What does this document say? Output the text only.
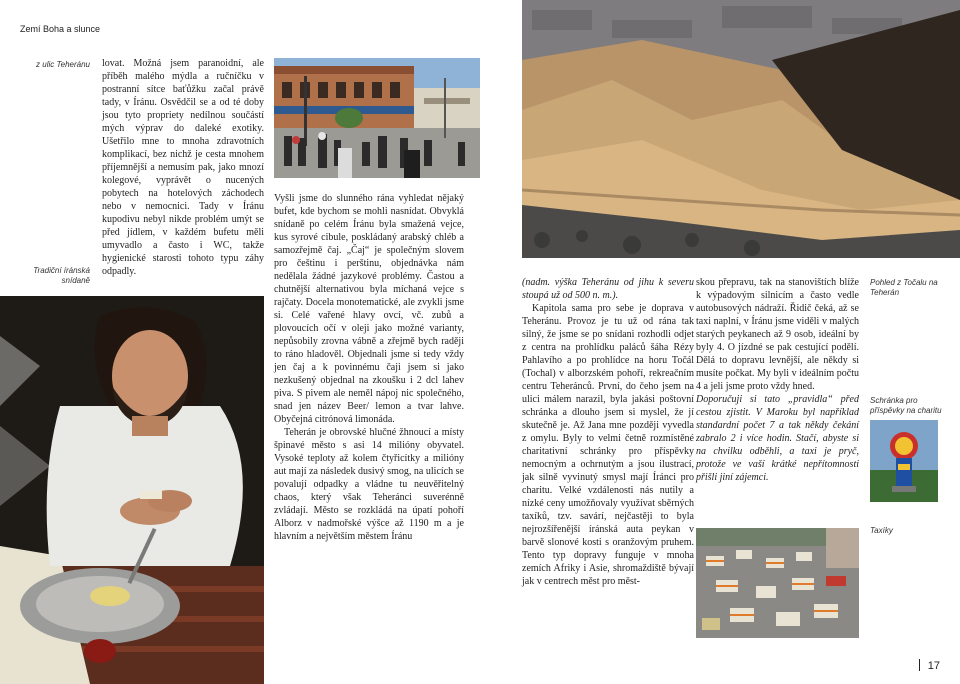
Zemí Boha a slunce
z ulic Teheránu lovat. Možná jsem paranoidní, ale příběh malého mýdla a ručníčku v postranní sítce baťůžku začal právě tady, v Íránu. Osvědčil se a od té doby jsou tyto propriety nedílnou součástí mých výprav do daleké exotiky. Ušetřilo mne to mnoha zdravotních komplikací, bez nichž je cesta mnohem příjemnější a nemusím pak, jako mnozí kolegové, vyprávět o nucených pobytech na hotelových záchodech nebo v nemocnici. Tady v Íránu kupodivu nebyl nikde problém umýt se před jídlem, v každém bufetu měli umyvadlo a často i WC, takže hygienické starosti tohoto typu záhy odpadly.

Tradiční íránská snídaně

Vyšli jsme do slunného rána vyhledat nějaký bufet, kde bychom se mohli nasnídat. Obvyklá snídaně po celém Íránu byla smažená vejce, kus syrové cibule, poskládaný arabský chléb a samozřejmě čaj. „Čaj“ je společným slovem pro češtinu i perštinu, objednávka nám nedělala žádné jazykové problémy. Častou a chutnější alternativou byla míchaná vejce s rajčaty. Docela monotematické, ale zvykli jsme si. Celé vařené hlavy ovcí, vč. zubů a plovoucích očí v oleji jako možné varianty, nepůsobily zrovna vábně a zřejmě bych raději to ráno hladověl. Objednali jsme si tedy vždy jen čaj a k povinnému čaji jsem si jako nezkušený objednal na zkoušku i 2 dcl lahev piva. S pivem ale neměl nápoj nic společného, snad jen název Beer/ lemon a tvar lahve. Obyčejná citrónová limonáda.

Teherán je obrovské hlučné žhnoucí a místy špinavé město s asi 14 milióny obyvatel. Vysoké teploty až kolem čtyřicítky a milióny aut mají za následek dusivý smog, na ulicích se povalují odpadky a vládne tu neuvěřitelný chaos, který však Teheránci suverénně zvládají. Město se rozkládá na úpatí pohoří Alborz v nadmořské výšce až 1190 m a je hlavním a největším městem Íránu

(nadm. výška Teheránu od jihu k severu stoupá už od 500 n. m.).

Kapitola sama pro sebe je doprava v Teheránu. Provoz je tu už od rána tak silný, že jsme se po snídani rozhodli odjet z centra na prohlídku paláců šáha Rézy Pahlavího a po prohlídce na horu Točál (Tochal) v alborzském pohoří, rekreačním centru Teheránců. První, do čeho jsem na ulici málem narazil, byla jakási poštovní schránka a dlouho jsem si myslel, že jí skutečně je. Až Jana mne později vyvedla z omylu. Byly to velmi četně rozmístěné charitativní schránky pro příspěvky nemocným a ochrnutým a jsou ilustrací, jak silně vyvinutý smysl mají Íránci pro charitu. Velké vzdálenosti nás nutily a nízké ceny umožňovaly využívat sběrných taxíků, tzv. savárí, nejčastěji to byla nejrozšířenější íránská auta peykan v barvě slonové kosti s oranžovým pruhem. Tento typ dopravy funguje v mnoha zemích Afriky i Asie, shromaždiště bývají jak v centrech měst pro měst-

skou přepravu, tak na stanovištích blíže k výpadovým silnicím a často vedle autobusových nádraží. Řidič čeká, až se taxi naplní, v Íránu jsme viděli v malých starých peykanech až 9 osob, ideální by byly 4. O jízdné se pak cestující podělí. Dělá to dopravu levnější, ale někdy si musíte počkat. My byli v ideálním počtu 4 a jeli jsme proto vždy hned.

Doporučuji si tato „pravidla“ před cestou zjistit. V Maroku byl například standardní počet 7 a tak někdy čekání zabralo 2 i více hodin. Stačí, abyste si na chvilku odběhli, a taxi je pryč, protože ve vaší krátké nepřítomnosti přišli jiní zájemci.

Pohled z Točalu na Teherán
Schránka pro příspěvky na charitu
Taxíky
17
